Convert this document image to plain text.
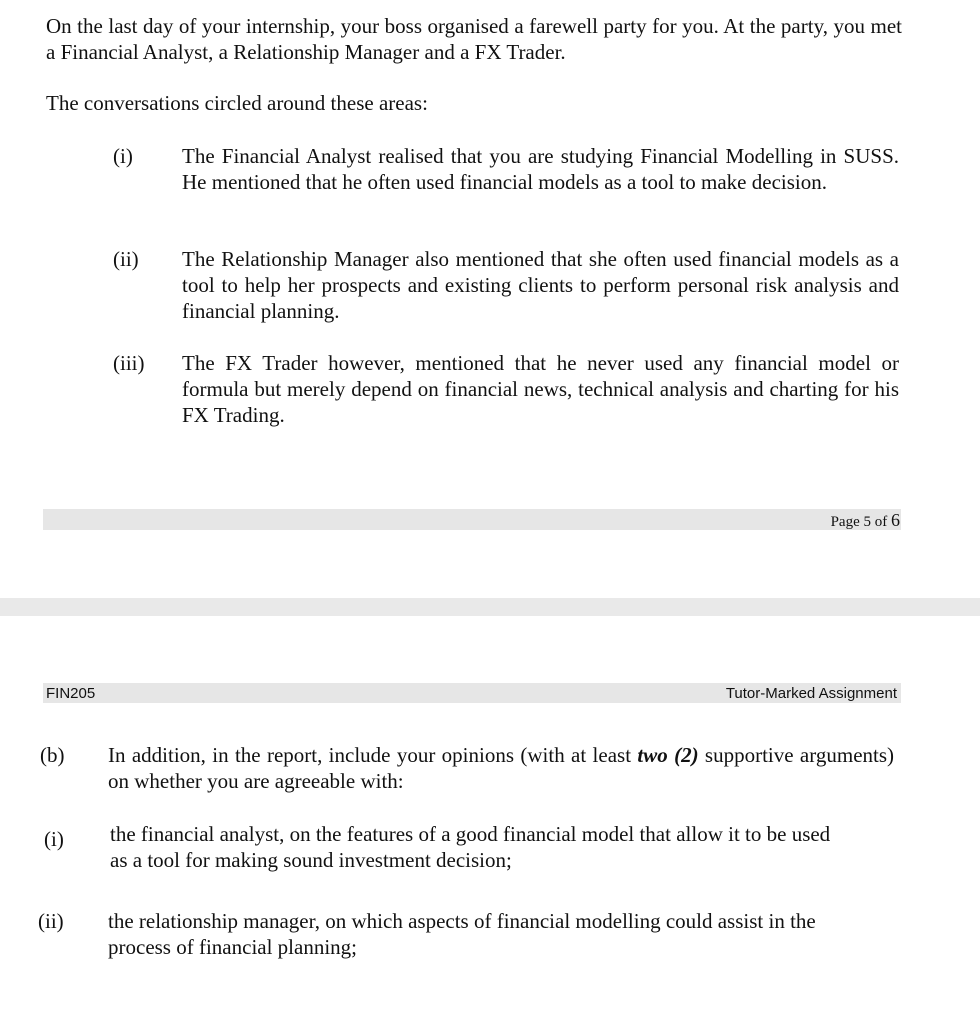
On the last day of your internship, your boss organised a farewell party for you. At the party, you met a Financial Analyst, a Relationship Manager and a FX Trader.
The conversations circled around these areas:
(i) The Financial Analyst realised that you are studying Financial Modelling in SUSS. He mentioned that he often used financial models as a tool to make decision.
(ii) The Relationship Manager also mentioned that she often used financial models as a tool to help her prospects and existing clients to perform personal risk analysis and financial planning.
(iii) The FX Trader however, mentioned that he never used any financial model or formula but merely depend on financial news, technical analysis and charting for his FX Trading.
Page 5 of 6
FIN205	Tutor-Marked Assignment
(b) In addition, in the report, include your opinions (with at least two (2) supportive arguments) on whether you are agreeable with:
(i) the financial analyst, on the features of a good financial model that allow it to be used as a tool for making sound investment decision;
(ii) the relationship manager, on which aspects of financial modelling could assist in the process of financial planning;
